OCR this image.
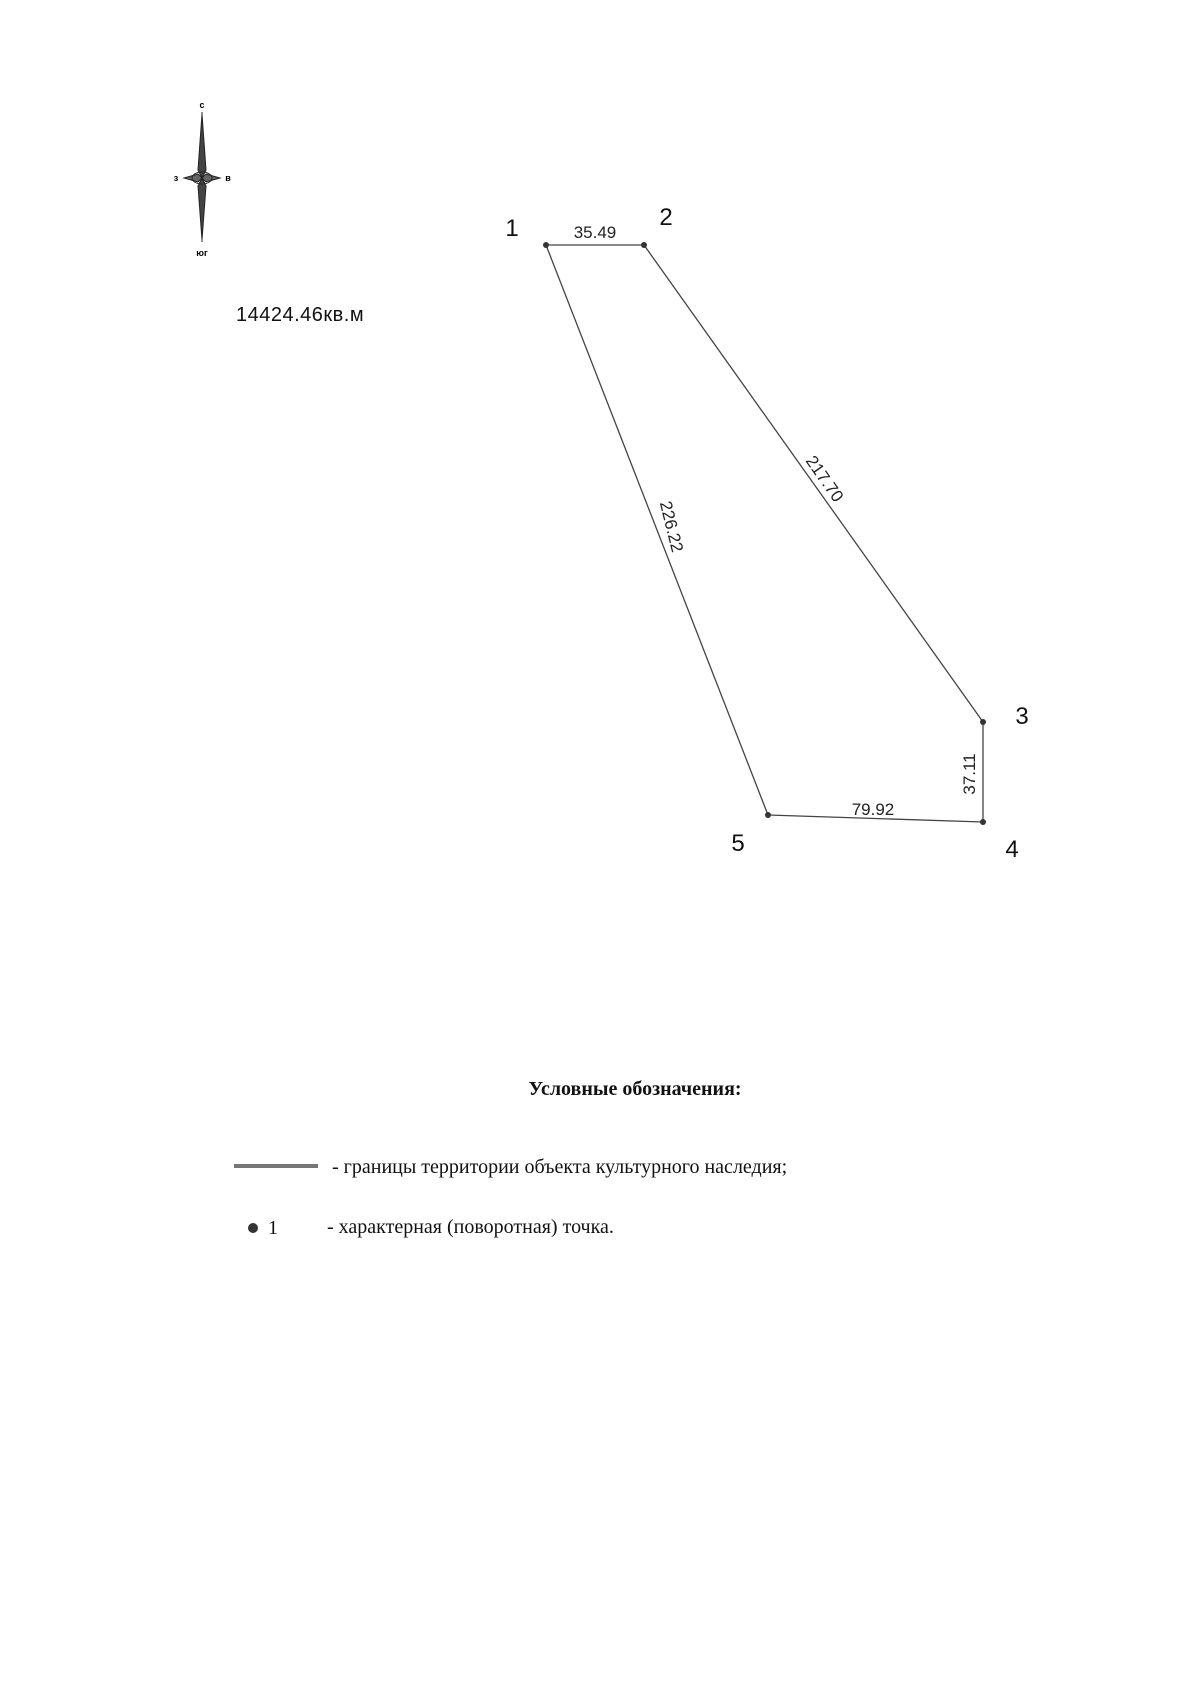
с
юг
з	в
14424.46кв.м
35.49
217.70
37.11
79.92
226.22
1	2
3
4
5
Условные обозначения:
- границы территории объекта культурного наследия;
1 - характерная (поворотная) точка.
